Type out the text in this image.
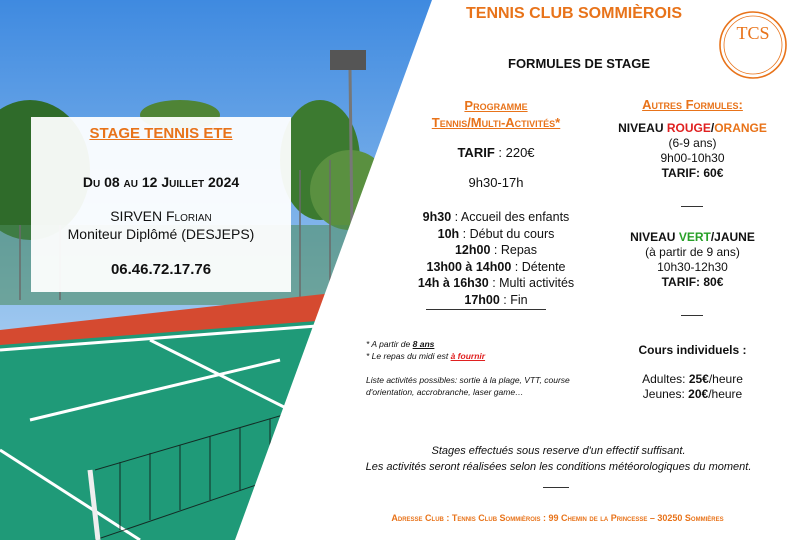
TCS
STAGE TENNIS ETE
Du 08 au 12 Juillet 2024
SIRVEN Florian
Moniteur Diplômé (DESJEPS)
06.46.72.17.76
TENNIS CLUB SOMMIÈROIS
FORMULES DE STAGE
Programme
Tennis/Multi-Activités*
TARIF : 220€
9h30-17h
9h30 : Accueil des enfants
10h : Début du cours
12h00 : Repas
13h00 à 14h00 : Détente
14h à 16h30 : Multi activités
17h00 : Fin
* A partir de 8 ans
* Le repas du midi est à fournir
Liste activités possibles: sortie à la plage, VTT, course d'orientation, accrobranche, laser game…
Autres Formules:
NIVEAU ROUGE/ORANGE
(6-9 ans)
9h00-10h30
TARIF: 60€
NIVEAU VERT/JAUNE
(à partir de 9 ans)
10h30-12h30
TARIF: 80€
Cours individuels :
Adultes: 25€/heure
Jeunes: 20€/heure
Stages effectués sous reserve d'un effectif suffisant.
Les activités seront réalisées selon les conditions météorologiques du moment.
Adresse Club : Tennis Club Sommièrois : 99 Chemin de la Princesse – 30250 Sommières
